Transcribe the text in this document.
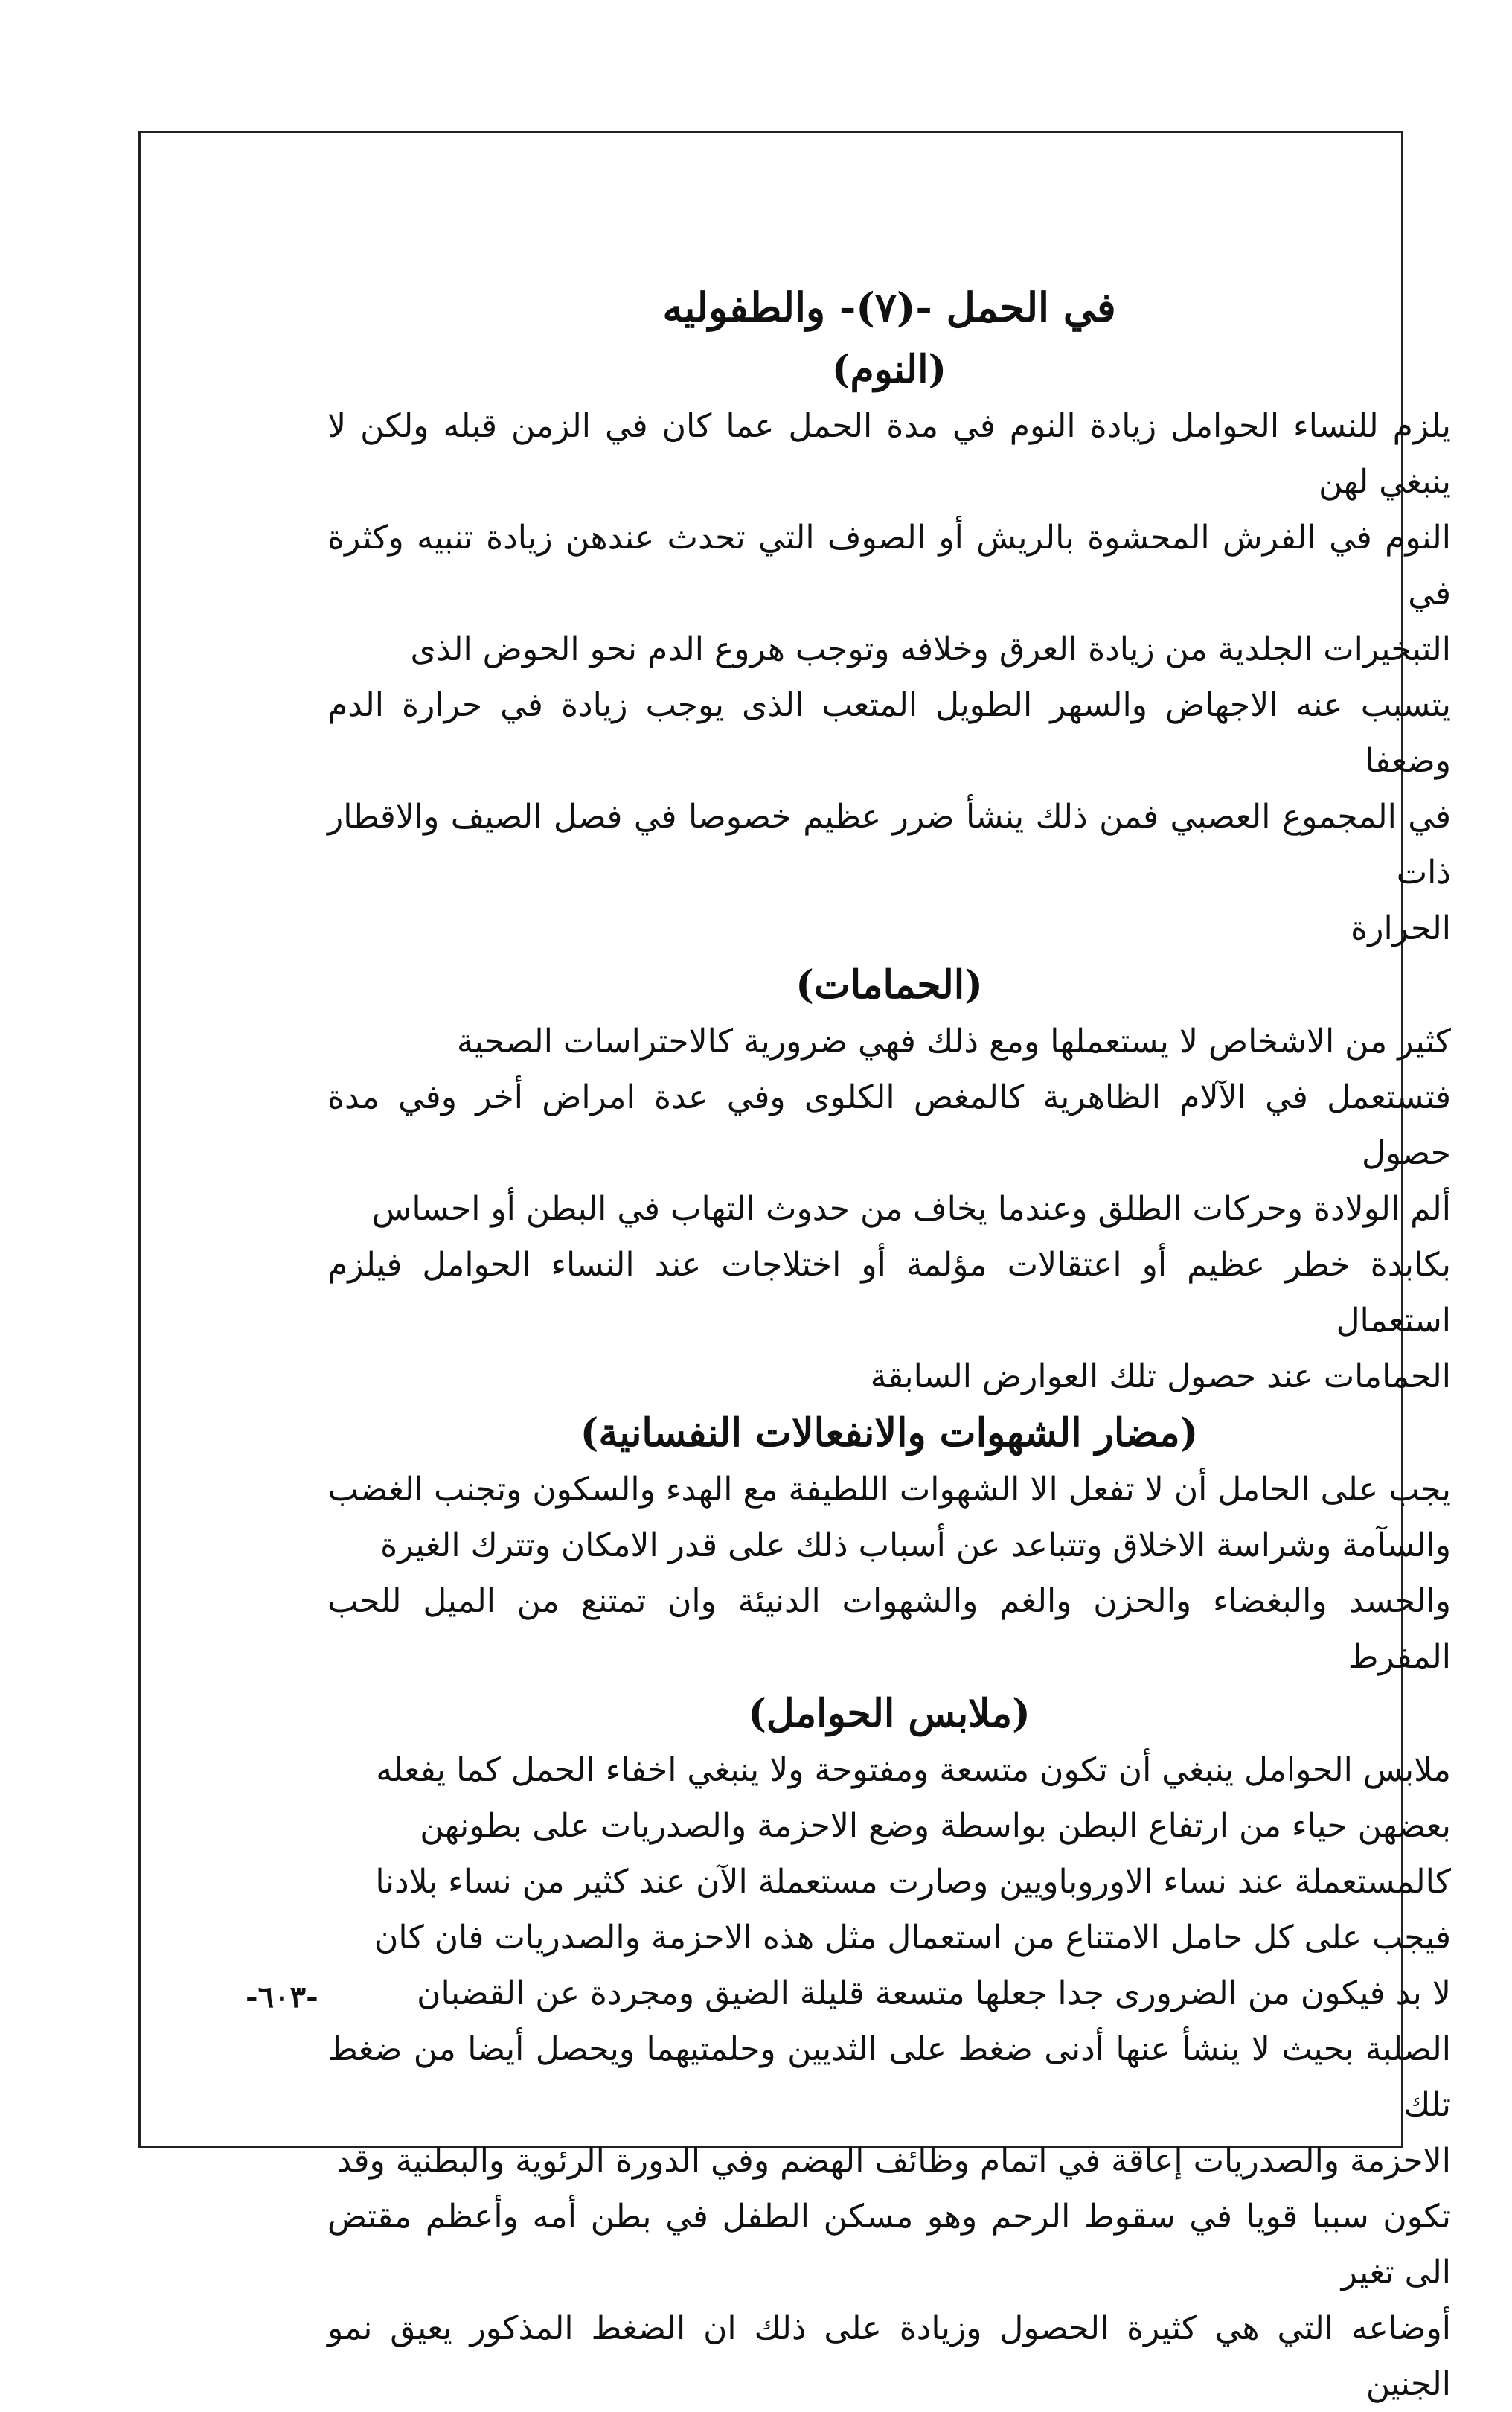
في الحمل -(٧)- والطفوليه
(النوم)

يلزم للنساء الحوامل زيادة النوم في مدة الحمل عما كان في الزمن قبله ولكن لا ينبغي لهن

النوم في الفرش المحشوة بالريش أو الصوف التي تحدث عندهن زيادة تنبيه وكثرة في

التبخيرات الجلدية من زيادة العرق وخلافه وتوجب هروع الدم نحو الحوض الذى

يتسبب عنه الاجهاض والسهر الطويل المتعب الذى يوجب زيادة في حرارة الدم وضعفا

في المجموع العصبي فمن ذلك ينشأ ضرر عظيم خصوصا في فصل الصيف والاقطار ذات

الحرارة

(الحمامات)

كثير من الاشخاص لا يستعملها ومع ذلك فهي ضرورية كالاحتراسات الصحية

فتستعمل في الآلام الظاهرية كالمغص الكلوى وفي عدة امراض أخر وفي مدة حصول

ألم الولادة وحركات الطلق وعندما يخاف من حدوث التهاب في البطن أو احساس

بكابدة خطر عظيم أو اعتقالات مؤلمة أو اختلاجات عند النساء الحوامل فيلزم استعمال

الحمامات عند حصول تلك العوارض السابقة

(مضار الشهوات والانفعالات النفسانية)

يجب على الحامل أن لا تفعل الا الشهوات اللطيفة مع الهدء والسكون وتجنب الغضب

والسآمة وشراسة الاخلاق وتتباعد عن أسباب ذلك على قدر الامكان وتترك الغيرة

والحسد والبغضاء والحزن والغم والشهوات الدنيئة وان تمتنع من الميل للحب المفرط

(ملابس الحوامل)

ملابس الحوامل ينبغي أن تكون متسعة ومفتوحة ولا ينبغي اخفاء الحمل كما يفعله

بعضهن حياء من ارتفاع البطن بواسطة وضع الاحزمة والصدريات على بطونهن

كالمستعملة عند نساء الاوروباويين وصارت مستعملة الآن عند كثير من نساء بلادنا

فيجب على كل حامل الامتناع من استعمال مثل هذه الاحزمة والصدريات فان كان

لا بد فيكون من الضرورى جدا جعلها متسعة قليلة الضيق ومجردة عن القضبان

الصلبة بحيث لا ينشأ عنها أدنى ضغط على الثديين وحلمتيهما ويحصل أيضا من ضغط تلك

الاحزمة والصدريات إعاقة في اتمام وظائف الهضم وفي الدورة الرئوية والبطنية وقد

تكون سببا قويا في سقوط الرحم وهو مسكن الطفل في بطن أمه وأعظم مقتض الى تغير

أوضاعه التي هي كثيرة الحصول وزيادة على ذلك ان الضغط المذكور يعيق نمو الجنين

-٦٠٣-
